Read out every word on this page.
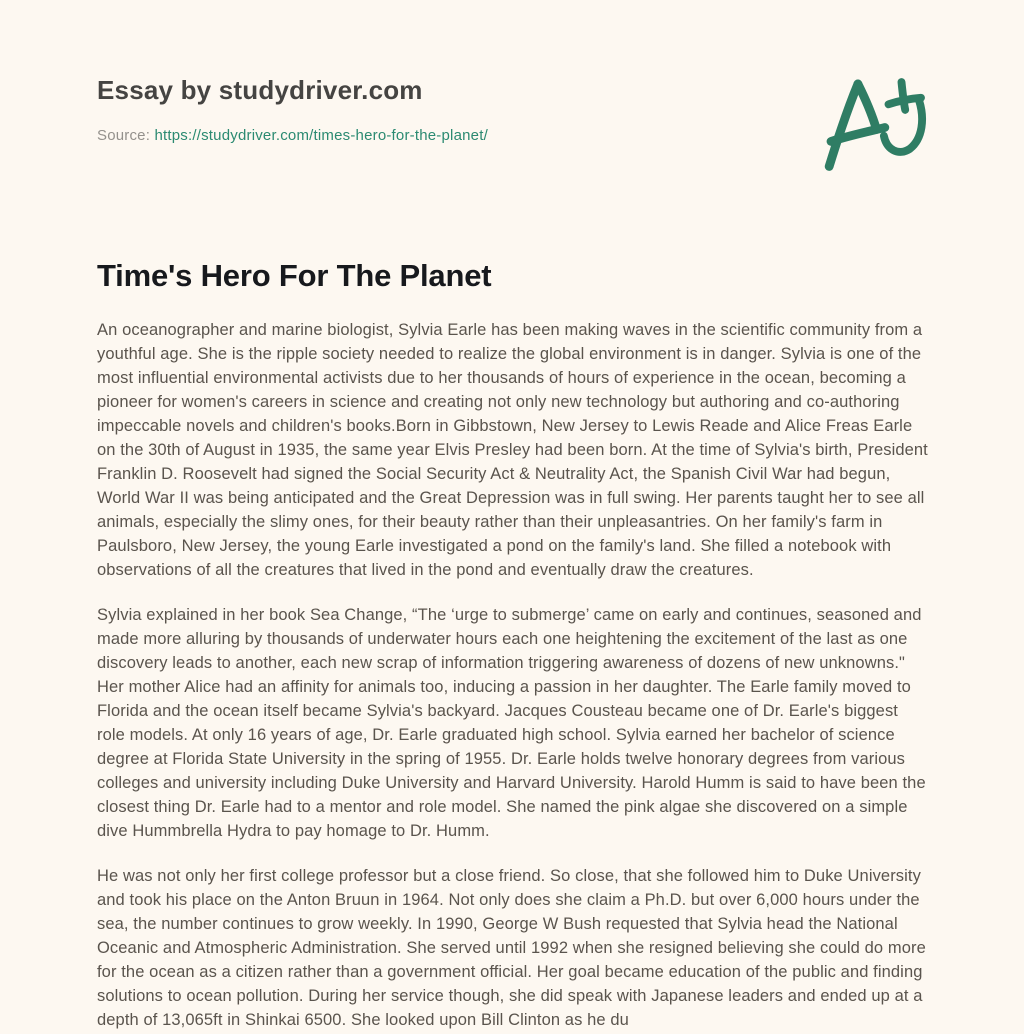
Essay by studydriver.com
Source: https://studydriver.com/times-hero-for-the-planet/
Time's Hero For The Planet

An oceanographer and marine biologist, Sylvia Earle has been making waves in the scientific community from a youthful age. She is the ripple society needed to realize the global environment is in danger. Sylvia is one of the most influential environmental activists due to her thousands of hours of experience in the ocean, becoming a pioneer for women's careers in science and creating not only new technology but authoring and co-authoring impeccable novels and children's books.Born in Gibbstown, New Jersey to Lewis Reade and Alice Freas Earle on the 30th of August in 1935, the same year Elvis Presley had been born. At the time of Sylvia's birth, President Franklin D. Roosevelt had signed the Social Security Act & Neutrality Act, the Spanish Civil War had begun, World War II was being anticipated and the Great Depression was in full swing. Her parents taught her to see all animals, especially the slimy ones, for their beauty rather than their unpleasantries. On her family's farm in Paulsboro, New Jersey, the young Earle investigated a pond on the family's land. She filled a notebook with observations of all the creatures that lived in the pond and eventually draw the creatures.

Sylvia explained in her book Sea Change, “The ‘urge to submerge’ came on early and continues, seasoned and made more alluring by thousands of underwater hours each one heightening the excitement of the last as one discovery leads to another, each new scrap of information triggering awareness of dozens of new unknowns." Her mother Alice had an affinity for animals too, inducing a passion in her daughter. The Earle family moved to Florida and the ocean itself became Sylvia's backyard. Jacques Cousteau became one of Dr. Earle's biggest role models. At only 16 years of age, Dr. Earle graduated high school. Sylvia earned her bachelor of science degree at Florida State University in the spring of 1955. Dr. Earle holds twelve honorary degrees from various colleges and university including Duke University and Harvard University. Harold Humm is said to have been the closest thing Dr. Earle had to a mentor and role model. She named the pink algae she discovered on a simple dive Hummbrella Hydra to pay homage to Dr. Humm.

He was not only her first college professor but a close friend. So close, that she followed him to Duke University and took his place on the Anton Bruun in 1964. Not only does she claim a Ph.D. but over 6,000 hours under the sea, the number continues to grow weekly. In 1990, George W Bush requested that Sylvia head the National Oceanic and Atmospheric Administration. She served until 1992 when she resigned believing she could do more for the ocean as a citizen rather than a government official. Her goal became education of the public and finding solutions to ocean pollution. During her service though, she did speak with Japanese leaders and ended up at a depth of 13,065ft in Shinkai 6500. She looked upon Bill Clinton as he du
